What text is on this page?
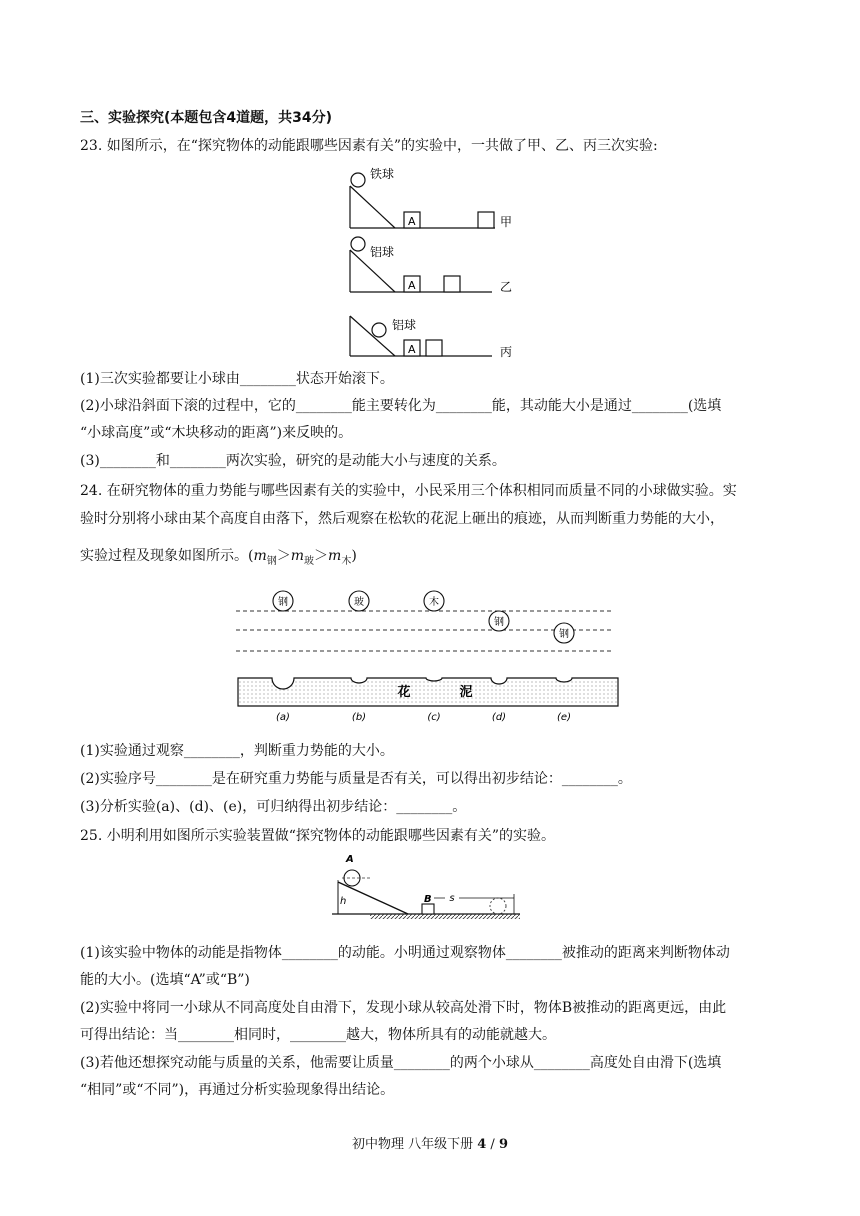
三、实验探究(本题包含4道题，共34分)
23. 如图所示，在“探究物体的动能跟哪些因素有关”的实验中，一共做了甲、乙、丙三次实验:
铁球
A	甲
铝球
A	乙
铝球
A	丙
(1)三次实验都要让小球由________状态开始滚下。
(2)小球沿斜面下滚的过程中，它的________能主要转化为________能，其动能大小是通过________(选填
“小球高度”或“木块移动的距离”)来反映的。
(3)________和________两次实验，研究的是动能大小与速度的关系。
24. 在研究物体的重力势能与哪些因素有关的实验中，小民采用三个体积相同而质量不同的小球做实验。实
验时分别将小球由某个高度自由落下，然后观察在松软的花泥上砸出的痕迹，从而判断重力势能的大小，
实验过程及现象如图所示。$(m_钢>m_玻>m_木)$
钢	玻	木
钢
钢
花	泥
(a)	(b)	(c)	(d)	(e)
(1)实验通过观察________，判断重力势能的大小。
(2)实验序号________是在研究重力势能与质量是否有关，可以得出初步结论：________。
(3)分析实验(a)、(d)、(e)，可归纳得出初步结论：________。
25. 小明利用如图所示实验装置做“探究物体的动能跟哪些因素有关”的实验。
A
h	B s
(1)该实验中物体的动能是指物体________的动能。小明通过观察物体________被推动的距离来判断物体动
能的大小。(选填“A”或“B”)
(2)实验中将同一小球从不同高度处自由滑下，发现小球从较高处滑下时，物体B被推动的距离更远，由此
可得出结论：当________相同时，________越大，物体所具有的动能就越大。
(3)若他还想探究动能与质量的关系，他需要让质量________的两个小球从________高度处自由滑下(选填
“相同”或“不同”)，再通过分析实验现象得出结论。
初中物理 八年级下册 4 / 9
